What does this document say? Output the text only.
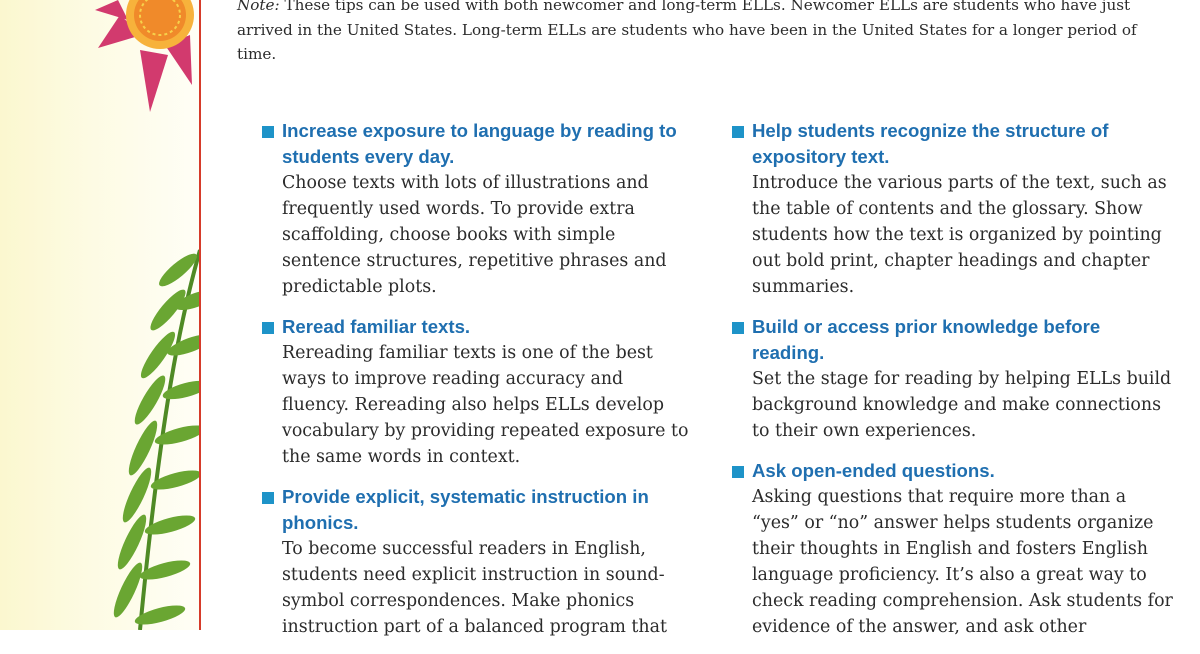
Note: These tips can be used with both newcomer and long-term ELLs. Newcomer ELLs are students who have just arrived in the United States. Long-term ELLs are students who have been in the United States for a longer period of time.

Increase exposure to language by reading to students every day.

Choose texts with lots of illustrations and frequently used words. To provide extra scaffolding, choose books with simple sentence structures, repetitive phrases and predictable plots.

Reread familiar texts.

Rereading familiar texts is one of the best ways to improve reading accuracy and fluency. Rereading also helps ELLs develop vocabulary by providing repeated exposure to the same words in context.

Provide explicit, systematic instruction in phonics.

To become successful readers in English, students need explicit instruction in sound-symbol correspondences. Make phonics instruction part of a balanced program that

Help students recognize the structure of expository text.

Introduce the various parts of the text, such as the table of contents and the glossary. Show students how the text is organized by pointing out bold print, chapter headings and chapter summaries.

Build or access prior knowledge before reading.

Set the stage for reading by helping ELLs build background knowledge and make connections to their own experiences.

Ask open-ended questions.

Asking questions that require more than a “yes” or “no” answer helps students organize their thoughts in English and fosters English language proficiency. It’s also a great way to check reading comprehension. Ask students for evidence of the answer, and ask other
